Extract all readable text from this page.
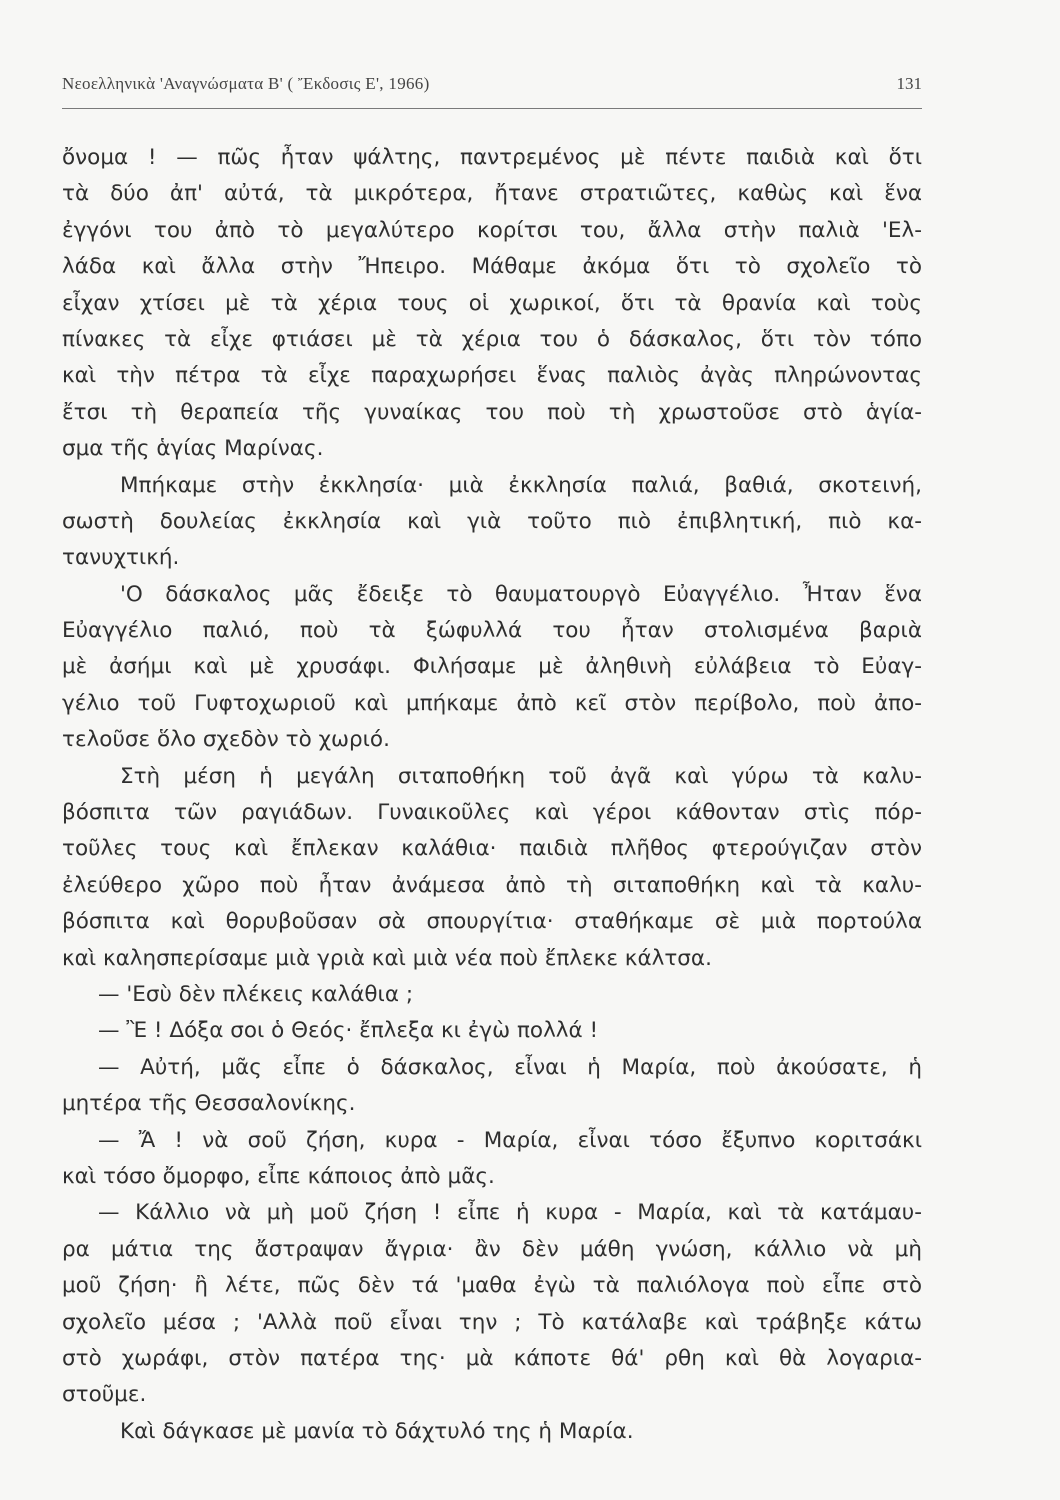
Νεοελληνικὰ 'Αναγνώσματα Β' ( Ἔκδοσις Ε', 1966)	131
ὄνομα ! — πῶς ἦταν ψάλτης, παντρεμένος μὲ πέντε παιδιὰ καὶ ὅτι
τὰ δύο ἀπ' αὐτά, τὰ μικρότερα, ἤτανε στρατιῶτες, καθὼς καὶ ἕνα
ἐγγόνι του ἀπὸ τὸ μεγαλύτερο κορίτσι του, ἄλλα στὴν παλιὰ 'Ελ-
λάδα καὶ ἄλλα στὴν Ἤπειρο. Μάθαμε ἀκόμα ὅτι τὸ σχολεῖο τὸ
εἶχαν χτίσει μὲ τὰ χέρια τους οἱ χωρικοί, ὅτι τὰ θρανία καὶ τοὺς
πίνακες τὰ εἶχε φτιάσει μὲ τὰ χέρια του ὁ δάσκαλος, ὅτι τὸν τόπο
καὶ τὴν πέτρα τὰ εἶχε παραχωρήσει ἕνας παλιὸς ἀγὰς πληρώνοντας
ἔτσι τὴ θεραπεία τῆς γυναίκας του ποὺ τὴ χρωστοῦσε στὸ ἁγία-
σμα τῆς ἁγίας Μαρίνας.
Μπήκαμε στὴν ἐκκλησία· μιὰ ἐκκλησία παλιά, βαθιά, σκοτεινή,
σωστὴ δουλείας ἐκκλησία καὶ γιὰ τοῦτο πιὸ ἐπιβλητική, πιὸ κα-
τανυχτική.
'Ο δάσκαλος μᾶς ἔδειξε τὸ θαυματουργὸ Εὐαγγέλιο. Ἦταν ἕνα
Εὐαγγέλιο παλιό, ποὺ τὰ ξώφυλλά του ἦταν στολισμένα βαριὰ
μὲ ἀσήμι καὶ μὲ χρυσάφι. Φιλήσαμε μὲ ἀληθινὴ εὐλάβεια τὸ Εὐαγ-
γέλιο τοῦ Γυφτοχωριοῦ καὶ μπήκαμε ἀπὸ κεῖ στὸν περίβολο, ποὺ ἀπο-
τελοῦσε ὅλο σχεδὸν τὸ χωριό.
Στὴ μέση ἡ μεγάλη σιταποθήκη τοῦ ἀγᾶ καὶ γύρω τὰ καλυ-
βόσπιτα τῶν ραγιάδων. Γυναικοῦλες καὶ γέροι κάθονταν στὶς πόρ-
τοῦλες τους καὶ ἔπλεκαν καλάθια· παιδιὰ πλῆθος φτερούγιζαν στὸν
ἐλεύθερο χῶρο ποὺ ἦταν ἀνάμεσα ἀπὸ τὴ σιταποθήκη καὶ τὰ καλυ-
βόσπιτα καὶ θορυβοῦσαν σὰ σπουργίτια· σταθήκαμε σὲ μιὰ πορτούλα
καὶ καλησπερίσαμε μιὰ γριὰ καὶ μιὰ νέα ποὺ ἔπλεκε κάλτσα.
— 'Εσὺ δὲν πλέκεις καλάθια ;
— Ἒ ! Δόξα σοι ὁ Θεός· ἔπλεξα κι ἐγὼ πολλά !
— Αὐτή, μᾶς εἶπε ὁ δάσκαλος, εἶναι ἡ Μαρία, ποὺ ἀκούσατε, ἡ
μητέρα τῆς Θεσσαλονίκης.
— Ἄ ! νὰ σοῦ ζήση, κυρα - Μαρία, εἶναι τόσο ἔξυπνο κοριτσάκι
καὶ τόσο ὄμορφο, εἶπε κάποιος ἀπὸ μᾶς.
— Κάλλιο νὰ μὴ μοῦ ζήση ! εἶπε ἡ κυρα - Μαρία, καὶ τὰ κατάμαυ-
ρα μάτια της ἄστραψαν ἄγρια· ἂν δὲν μάθη γνώση, κάλλιο νὰ μὴ
μοῦ ζήση· ἢ λέτε, πῶς δὲν τά 'μαθα ἐγὼ τὰ παλιόλογα ποὺ εἶπε στὸ
σχολεῖο μέσα ; 'Αλλὰ ποῦ εἶναι την ; Τὸ κατάλαβε καὶ τράβηξε κάτω
στὸ χωράφι, στὸν πατέρα της· μὰ κάποτε θά' ρθη καὶ θὰ λογαρια-
στοῦμε.
Καὶ δάγκασε μὲ μανία τὸ δάχτυλό της ἡ Μαρία.
